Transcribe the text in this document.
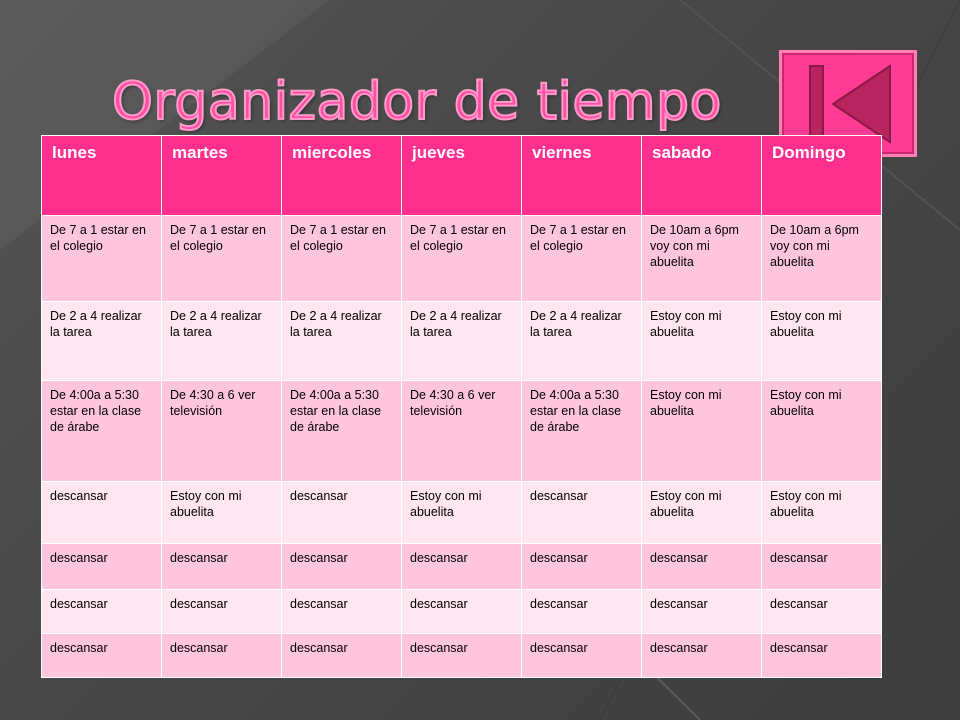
Organizador de tiempo
lunes	martes	miercoles	jueves	viernes	sabado	Domingo
De 7 a 1 estar en el colegio	De 7 a 1 estar en el colegio	De 7 a 1 estar en el colegio	De 7 a 1 estar en el colegio	De 7 a 1 estar en el colegio	De 10am a 6pm voy con mi abuelita	De 10am a 6pm voy con mi abuelita
De 2 a 4 realizar la tarea	De 2 a 4 realizar la tarea	De 2 a 4 realizar la tarea	De 2 a 4 realizar la tarea	De 2 a 4 realizar la tarea	Estoy con mi abuelita	Estoy con mi abuelita
De 4:00a a 5:30 estar en la clase de árabe	De 4:30 a 6 ver televisión	De 4:00a a 5:30 estar en la clase de árabe	De 4:30 a 6 ver televisión	De 4:00a a 5:30 estar en la clase de árabe	Estoy con mi abuelita	Estoy con mi abuelita
descansar	Estoy con mi abuelita	descansar	Estoy con mi abuelita	descansar	Estoy con mi abuelita	Estoy con mi abuelita
descansar	descansar	descansar	descansar	descansar	descansar	descansar
descansar	descansar	descansar	descansar	descansar	descansar	descansar
descansar	descansar	descansar	descansar	descansar	descansar	descansar
